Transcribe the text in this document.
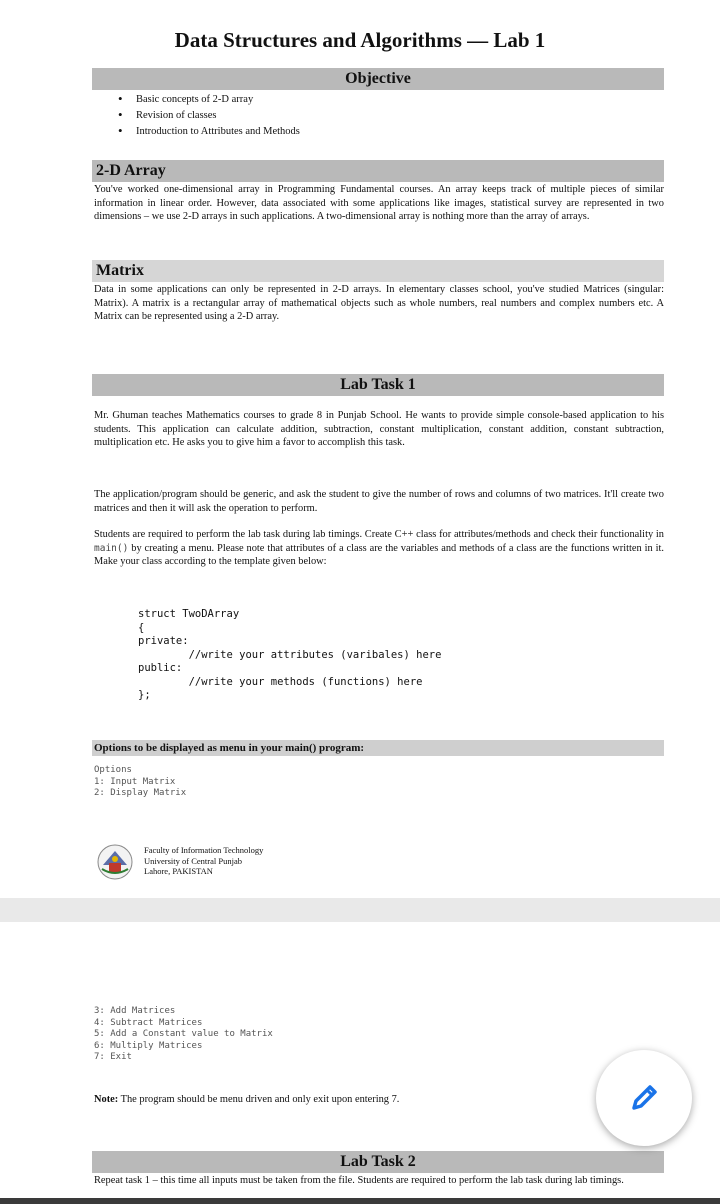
Data Structures and Algorithms — Lab 1
Objective
• Basic concepts of 2-D array
• Revision of classes
• Introduction to Attributes and Methods
2-D Array
You've worked one-dimensional array in Programming Fundamental courses. An array keeps track of multiple pieces of similar information in linear order. However, data associated with some applications like images, statistical survey are represented in two dimensions – we use 2-D arrays in such applications. A two-dimensional array is nothing more than the array of arrays.
Matrix
Data in some applications can only be represented in 2-D arrays. In elementary classes school, you've studied Matrices (singular: Matrix). A matrix is a rectangular array of mathematical objects such as whole numbers, real numbers and complex numbers etc. A Matrix can be represented using a 2-D array.
Lab Task 1
Mr. Ghuman teaches Mathematics courses to grade 8 in Punjab School. He wants to provide simple console-based application to his students. This application can calculate addition, subtraction, constant multiplication, constant addition, constant subtraction, multiplication etc. He asks you to give him a favor to accomplish this task.
The application/program should be generic, and ask the student to give the number of rows and columns of two matrices. It'll create two matrices and then it will ask the operation to perform.
Students are required to perform the lab task during lab timings. Create C++ class for attributes/methods and check their functionality in main() by creating a menu. Please note that attributes of a class are the variables and methods of a class are the functions written in it. Make your class according to the template given below:
struct TwoDArray
{
private:
//write your attributes (varibales) here
public:
//write your methods (functions) here
};
Options to be displayed as menu in your main() program:
Options
1: Input Matrix
2: Display Matrix
Faculty of Information Technology
University of Central Punjab
Lahore, PAKISTAN
3: Add Matrices
4: Subtract Matrices
5: Add a Constant value to Matrix
6: Multiply Matrices
7: Exit
Note: The program should be menu driven and only exit upon entering 7.
Lab Task 2
Repeat task 1 – this time all inputs must be taken from the file. Students are required to perform the lab task during lab timings.
